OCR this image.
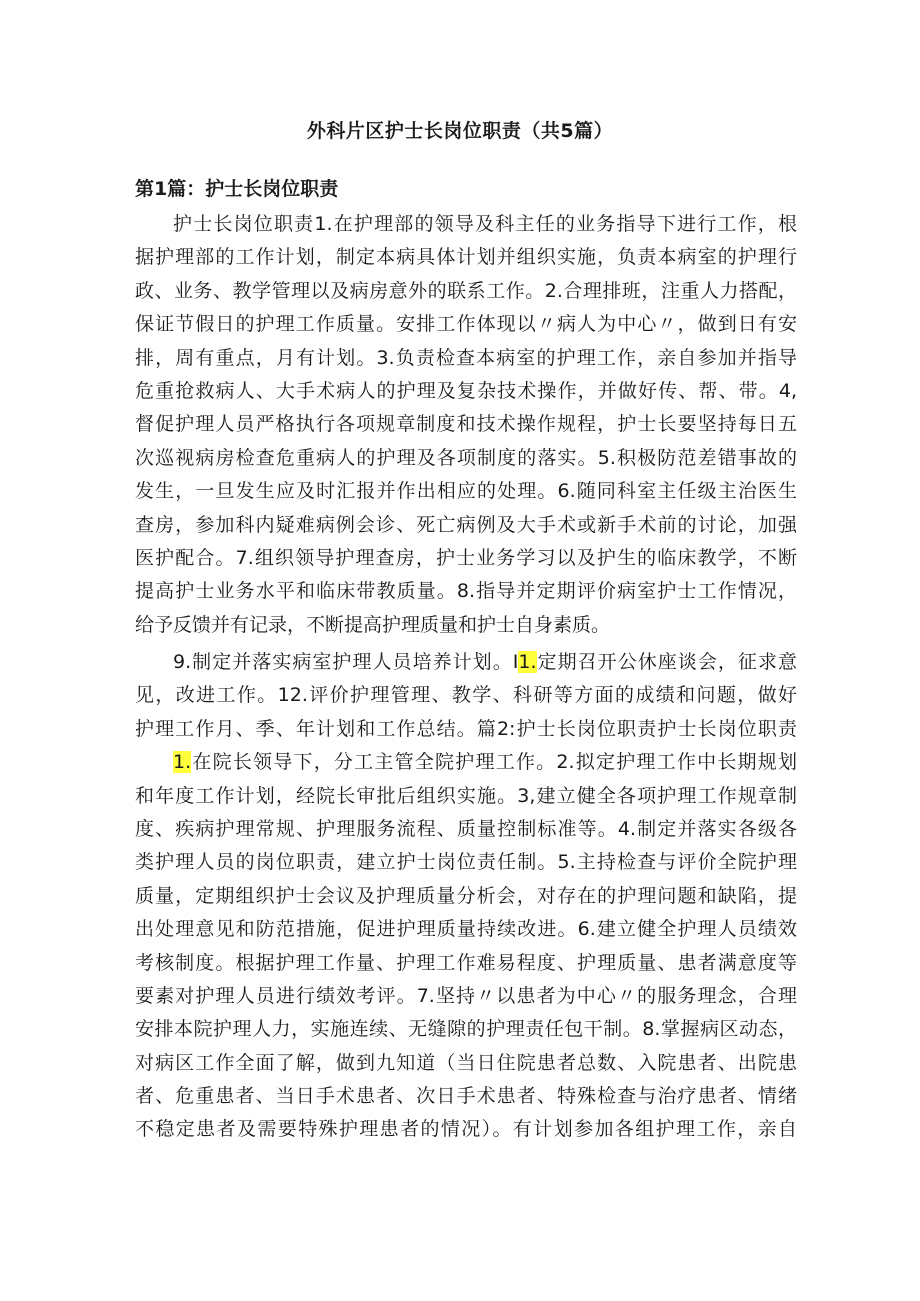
外科片区护士长岗位职责（共5篇）
第1篇：护士长岗位职责
护士长岗位职责1.在护理部的领导及科主任的业务指导下进行工作，根
据护理部的工作计划，制定本病具体计划并组织实施，负责本病室的护理行
政、业务、教学管理以及病房意外的联系工作。2.合理排班，注重人力搭配，
保证节假日的护理工作质量。安排工作体现以〃病人为中心〃，做到日有安
排，周有重点，月有计划。3.负责检查本病室的护理工作，亲自参加并指导
危重抢救病人、大手术病人的护理及复杂技术操作，并做好传、帮、带。4,
督促护理人员严格执行各项规章制度和技术操作规程，护士长要坚持每日五
次巡视病房检查危重病人的护理及各项制度的落实。5.积极防范差错事故的
发生，一旦发生应及时汇报并作出相应的处理。6.随同科室主任级主治医生
查房，参加科内疑难病例会诊、死亡病例及大手术或新手术前的讨论，加强
医护配合。7.组织领导护理查房，护士业务学习以及护生的临床教学，不断
提高护士业务水平和临床带教质量。8.指导并定期评价病室护士工作情况，
给予反馈并有记录，不断提高护理质量和护士自身素质。
9.制定并落实病室护理人员培养计划。I1.定期召开公休座谈会，征求意
见，改进工作。12.评价护理管理、教学、科研等方面的成绩和问题，做好
护理工作月、季、年计划和工作总结。篇2:护士长岗位职责护士长岗位职责
1.在院长领导下，分工主管全院护理工作。2.拟定护理工作中长期规划
和年度工作计划，经院长审批后组织实施。3,建立健全各项护理工作规章制
度、疾病护理常规、护理服务流程、质量控制标准等。4.制定并落实各级各
类护理人员的岗位职责，建立护士岗位责任制。5.主持检查与评价全院护理
质量，定期组织护士会议及护理质量分析会，对存在的护理问题和缺陷，提
出处理意见和防范措施，促进护理质量持续改进。6.建立健全护理人员绩效
考核制度。根据护理工作量、护理工作难易程度、护理质量、患者满意度等
要素对护理人员进行绩效考评。7.坚持〃以患者为中心〃的服务理念，合理
安排本院护理人力，实施连续、无缝隙的护理责任包干制。8.掌握病区动态，
对病区工作全面了解，做到九知道（当日住院患者总数、入院患者、出院患
者、危重患者、当日手术患者、次日手术患者、特殊检查与治疗患者、情绪
不稳定患者及需要特殊护理患者的情况）。有计划参加各组护理工作，亲自
